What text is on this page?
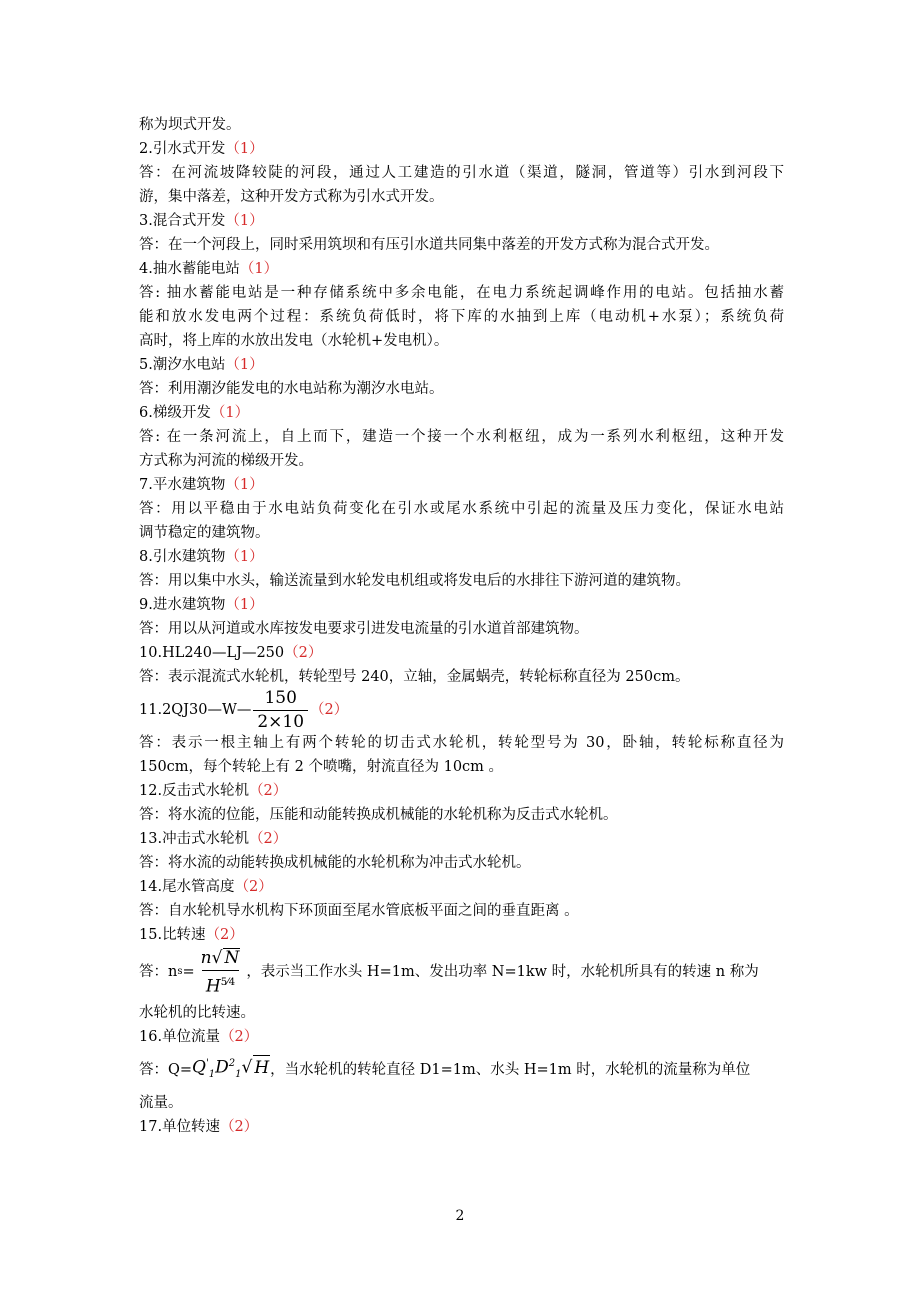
称为坝式开发。
2.引水式开发（1）
答：在河流坡降较陡的河段，通过人工建造的引水道（渠道，隧洞，管道等）引水到河段下
游，集中落差，这种开发方式称为引水式开发。
3.混合式开发（1）
答：在一个河段上，同时采用筑坝和有压引水道共同集中落差的开发方式称为混合式开发。
4.抽水蓄能电站（1）
答: 抽水蓄能电站是一种存储系统中多余电能，在电力系统起调峰作用的电站。包括抽水蓄
能和放水发电两个过程：系统负荷低时，将下库的水抽到上库（电动机+水泵）；系统负荷
高时，将上库的水放出发电（水轮机+发电机）。
5.潮汐水电站（1）
答：利用潮汐能发电的水电站称为潮汐水电站。
6.梯级开发（1）
答: 在一条河流上，自上而下，建造一个接一个水利枢纽，成为一系列水利枢纽，这种开发
方式称为河流的梯级开发。
7.平水建筑物（1）
答：用以平稳由于水电站负荷变化在引水或尾水系统中引起的流量及压力变化，保证水电站
调节稳定的建筑物。
8.引水建筑物（1）
答：用以集中水头，输送流量到水轮发电机组或将发电后的水排往下游河道的建筑物。
9.进水建筑物（1）
答：用以从河道或水库按发电要求引进发电流量的引水道首部建筑物。
10.HL240—LJ—250（2）
答：表示混流式水轮机，转轮型号 240，立轴，金属蜗壳，转轮标称直径为 250cm。
11. 2QJ30—W— $\frac{150}{2\times 10} (2)$
答：表示一根主轴上有两个转轮的切击式水轮机，转轮型号为 30，卧轴，转轮标称直径为
150cm，每个转轮上有 2 个喷嘴，射流直径为 10cm 。
12.反击式水轮机（2）
答：将水流的位能，压能和动能转换成机械能的水轮机称为反击式水轮机。
13.冲击式水轮机（2）
答：将水流的动能转换成机械能的水轮机称为冲击式水轮机。
14.尾水管高度（2）
答：自水轮机导水机构下环顶面至尾水管底板平面之间的垂直距离 。
15.比转速（2）
答：n $s = \frac{n√ N}{H^{5⁄4}}$ ，表示当工作水头 H=1m、发出功率 N=1kw 时，水轮机所具有的转速 n 称为
水轮机的比转速。
16.单位流量（2）
答：$Q= Q'_1D^2_1√$ H ，当水轮机的转轮直径 D1=1m、水头 H=1m 时，水轮机的流量称为单位
流量。
17.单位转速（2）
2
